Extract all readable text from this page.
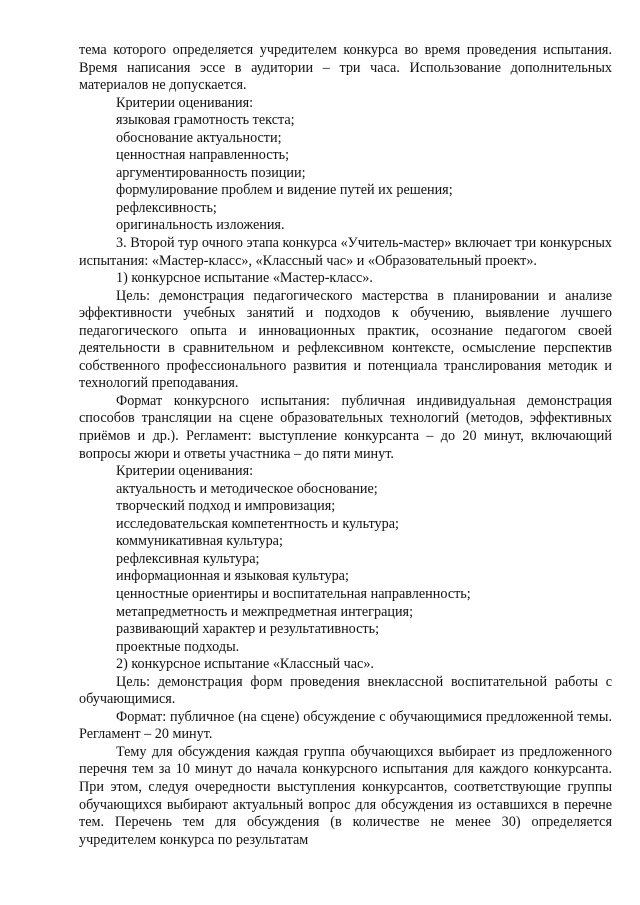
тема которого определяется учредителем конкурса во время проведения испытания. Время написания эссе в аудитории – три часа. Использование дополнительных материалов не допускается.

Критерии оценивания:

языковая грамотность текста;

обоснование актуальности;

ценностная направленность;

аргументированность позиции;

формулирование проблем и видение путей их решения;

рефлексивность;

оригинальность изложения.

3. Второй тур очного этапа конкурса «Учитель-мастер» включает три конкурсных испытания: «Мастер-класс», «Классный час» и «Образовательный проект».

1) конкурсное испытание «Мастер-класс».

Цель: демонстрация педагогического мастерства в планировании и анализе эффективности учебных занятий и подходов к обучению, выявление лучшего педагогического опыта и инновационных практик, осознание педагогом своей деятельности в сравнительном и рефлексивном контексте, осмысление перспектив собственного профессионального развития и потенциала транслирования методик и технологий преподавания.

Формат конкурсного испытания: публичная индивидуальная демонстрация способов трансляции на сцене образовательных технологий (методов, эффективных приёмов и др.). Регламент: выступление конкурсанта – до 20 минут, включающий вопросы жюри и ответы участника – до пяти минут.

Критерии оценивания:

актуальность и методическое обоснование;

творческий подход и импровизация;

исследовательская компетентность и культура;

коммуникативная культура;

рефлексивная культура;

информационная и языковая культура;

ценностные ориентиры и воспитательная направленность;

метапредметность и межпредметная интеграция;

развивающий характер и результативность;

проектные подходы.

2) конкурсное испытание «Классный час».

Цель: демонстрация форм проведения внеклассной воспитательной работы с обучающимися.

Формат: публичное (на сцене) обсуждение с обучающимися предложенной темы. Регламент – 20 минут.

Тему для обсуждения каждая группа обучающихся выбирает из предложенного перечня тем за 10 минут до начала конкурсного испытания для каждого конкурсанта. При этом, следуя очередности выступления конкурсантов, соответствующие группы обучающихся выбирают актуальный вопрос для обсуждения из оставшихся в перечне тем. Перечень тем для обсуждения (в количестве не менее 30) определяется учредителем конкурса по результатам
